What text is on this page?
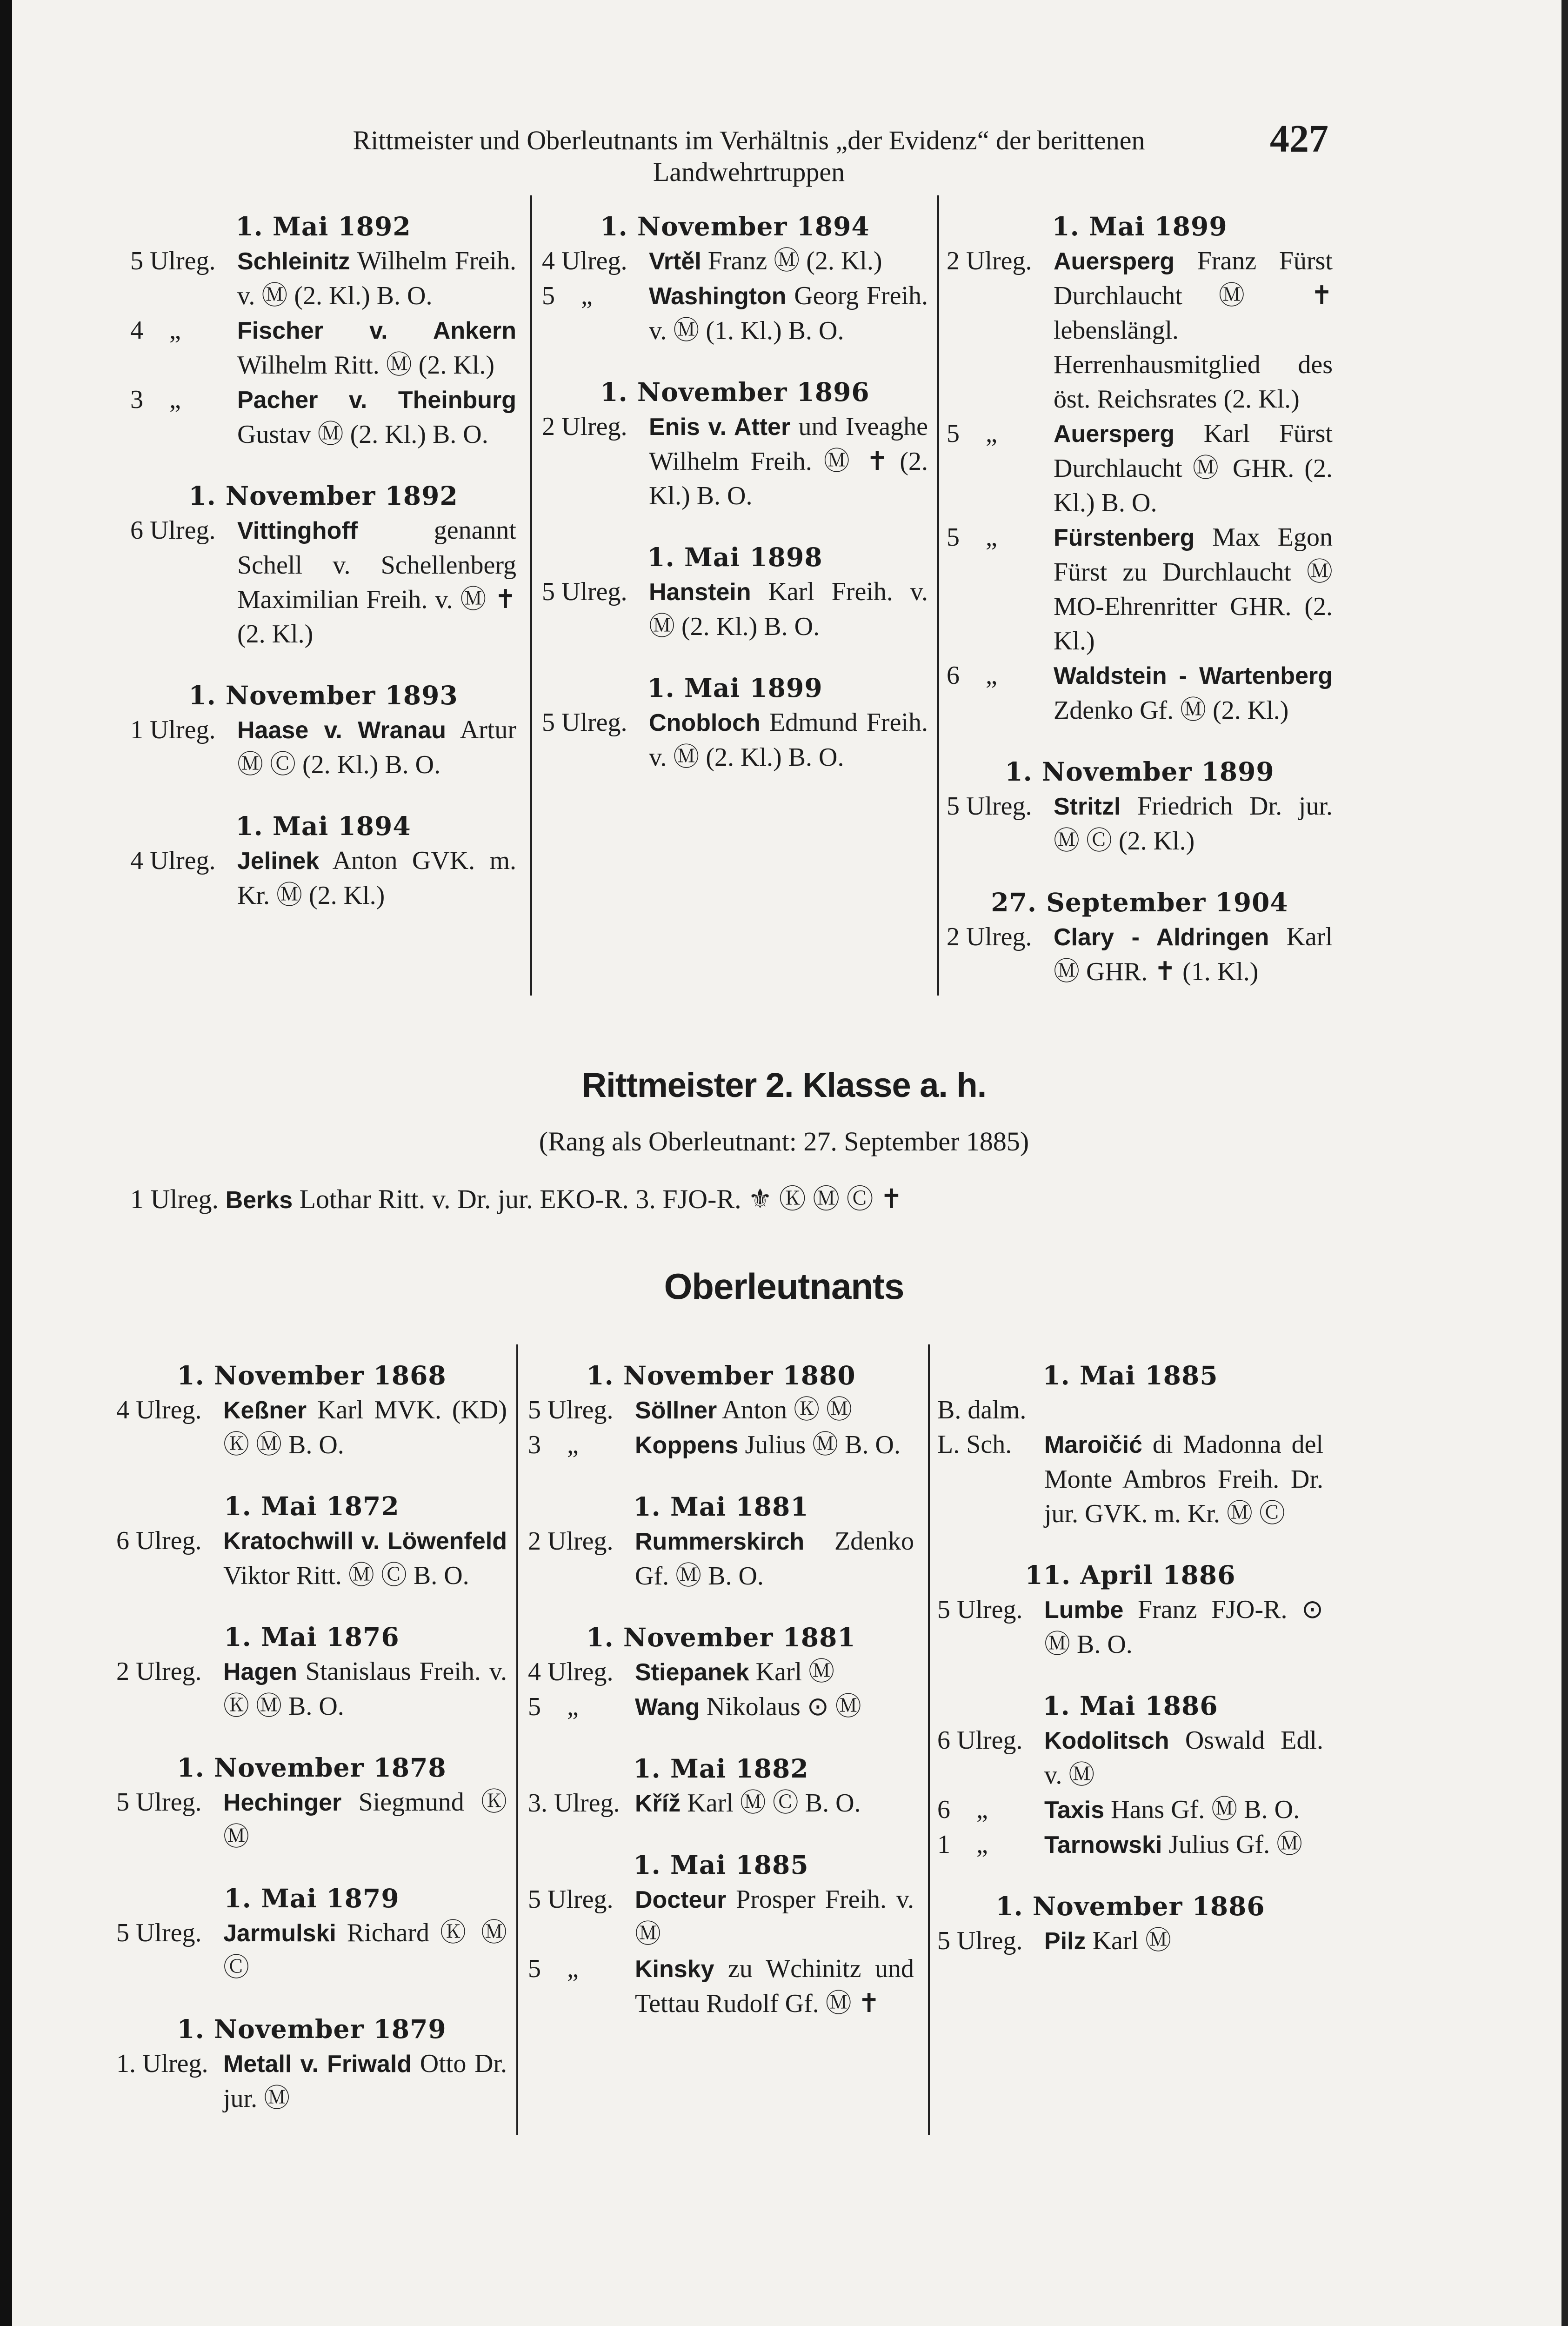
Rittmeister und Oberleutnants im Verhältnis „der Evidenz“ der berittenen
Landwehrtruppen
427
1. Mai 1892
5 Ulreg. Schleinitz Wilhelm Freih. v. Ⓜ (2. Kl.) B. O.
4    „	Fischer v. Ankern Wilhelm Ritt. Ⓜ (2. Kl.)
3    „	Pacher v. Theinburg Gustav Ⓜ (2. Kl.) B. O.
1. November 1892
6 Ulreg. Vittinghoff genannt Schell v. Schellenberg Maximilian Freih. v. Ⓜ ✝ (2. Kl.)
1. November 1893
1 Ulreg. Haase v. Wranau Artur Ⓜ Ⓒ (2. Kl.) B. O.
1. Mai 1894
4 Ulreg. Jelinek Anton GVK. m. Kr. Ⓜ (2. Kl.)
1. November 1894
4 Ulreg. Vrtěl Franz Ⓜ (2. Kl.)
5    „	Washington Georg Freih. v. Ⓜ (1. Kl.) B. O.
1. November 1896
2 Ulreg. Enis v. Atter und Iveaghe Wilhelm Freih. Ⓜ ✝ (2. Kl.) B. O.
1. Mai 1898
5 Ulreg. Hanstein Karl Freih. v. Ⓜ (2. Kl.) B. O.
1. Mai 1899
5 Ulreg. Cnobloch Edmund Freih. v. Ⓜ (2. Kl.) B. O.
1. Mai 1899
2 Ulreg. Auersperg Franz Fürst Durchlaucht Ⓜ ✝ lebenslängl. Herrenhausmitglied des öst. Reichsrates (2. Kl.)
5    „	Auersperg Karl Fürst Durchlaucht Ⓜ GHR. (2. Kl.) B. O.
5    „	Fürstenberg Max Egon Fürst zu Durchlaucht Ⓜ MO-Ehrenritter GHR. (2. Kl.)
6    „	Waldstein - Wartenberg Zdenko Gf. Ⓜ (2. Kl.)
1. November 1899
5 Ulreg. Stritzl Friedrich Dr. jur. Ⓜ Ⓒ (2. Kl.)
27. September 1904
2 Ulreg. Clary - Aldringen Karl Ⓜ GHR. ✝ (1. Kl.)
Rittmeister 2. Klasse a. h.
(Rang als Oberleutnant: 27. September 1885)
1 Ulreg. Berks Lothar Ritt. v. Dr. jur. EKO-R. 3. FJO-R. ⚜ Ⓚ Ⓜ Ⓒ ✝
Oberleutnants
1. November 1868
4 Ulreg. Keßner Karl MVK. (KD) Ⓚ Ⓜ B. O.
1. Mai 1872
6 Ulreg. Kratochwill v. Löwenfeld Viktor Ritt. Ⓜ Ⓒ B. O.
1. Mai 1876
2 Ulreg. Hagen Stanislaus Freih. v. Ⓚ Ⓜ B. O.
1. November 1878
5 Ulreg. Hechinger Siegmund Ⓚ Ⓜ
1. Mai 1879
5 Ulreg. Jarmulski Richard Ⓚ Ⓜ Ⓒ
1. November 1879
1. Ulreg. Metall v. Friwald Otto Dr. jur. Ⓜ
1. November 1880
5 Ulreg. Söllner Anton Ⓚ Ⓜ
3    „	Koppens Julius Ⓜ B. O.
1. Mai 1881
2 Ulreg. Rummerskirch Zdenko Gf. Ⓜ B. O.
1. November 1881
4 Ulreg. Stiepanek Karl Ⓜ
5    „	Wang Nikolaus ⊙ Ⓜ
1. Mai 1882
3. Ulreg. Kříž Karl Ⓜ Ⓒ B. O.
1. Mai 1885
5 Ulreg. Docteur Prosper Freih. v. Ⓜ
5    „	Kinsky zu Wchinitz und Tettau Rudolf Gf. Ⓜ ✝
1. Mai 1885
B. dalm.
L. Sch.	Maroičić di Madonna del Monte Ambros Freih. Dr. jur. GVK. m. Kr. Ⓜ Ⓒ
11. April 1886
5 Ulreg. Lumbe Franz FJO-R. ⊙ Ⓜ B. O.
1. Mai 1886
6 Ulreg. Kodolitsch Oswald Edl. v. Ⓜ
6    „	Taxis Hans Gf. Ⓜ B. O.
1    „	Tarnowski Julius Gf. Ⓜ
1. November 1886
5 Ulreg. Pilz Karl Ⓜ
